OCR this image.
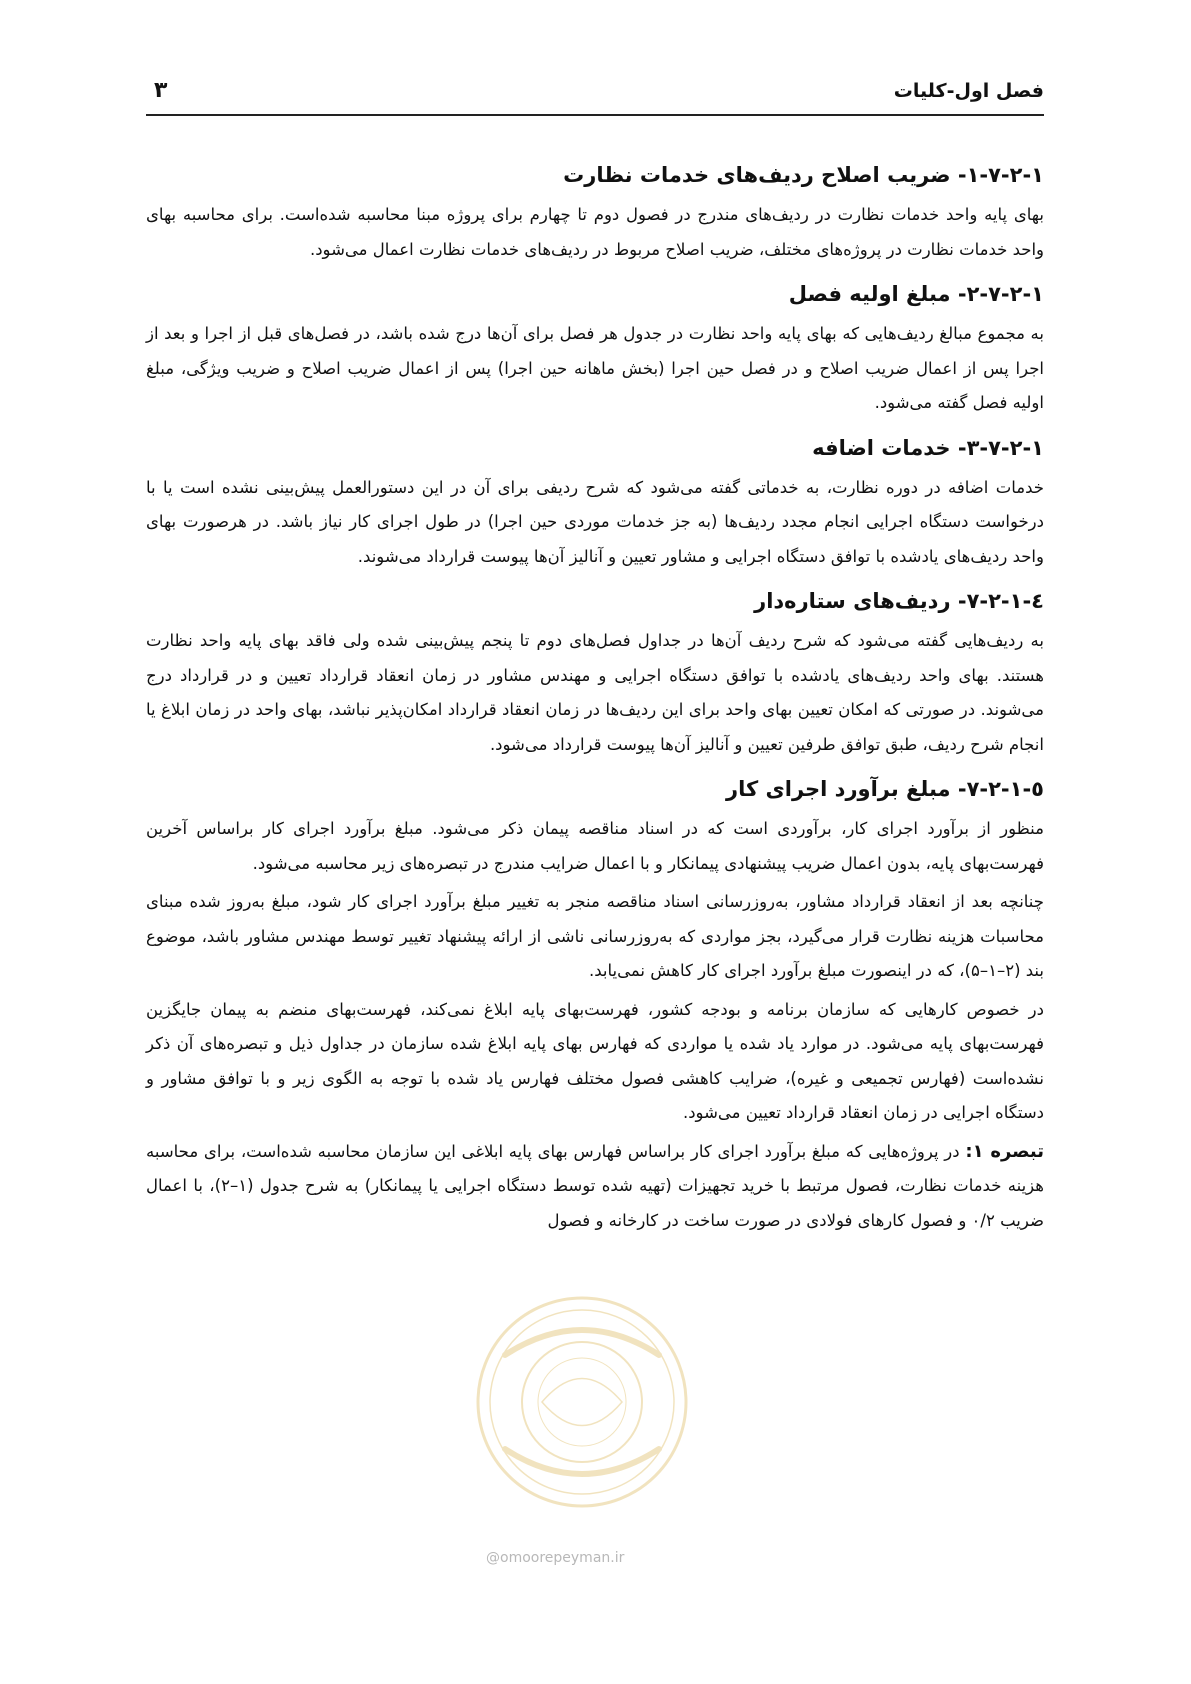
فصل اول-کلیات
۳
۱-۷-۲-۱- ضریب اصلاح ردیف‌های خدمات نظارت

بهای پایه واحد خدمات نظارت در ردیف‌های مندرج در فصول دوم تا چهارم برای پروژه مبنا محاسبه شده‌است. برای محاسبه بهای واحد خدمات نظارت در پروژه‌های مختلف، ضریب اصلاح مربوط در ردیف‌های خدمات نظارت اعمال می‌شود.

۲-۷-۲-۱- مبلغ اولیه فصل

به مجموع مبالغ ردیف‌هایی که بهای پایه واحد نظارت در جدول هر فصل برای آن‌ها درج شده باشد، در فصل‌های قبل از اجرا و بعد از اجرا پس از اعمال ضریب اصلاح و در فصل حین اجرا (بخش ماهانه حین اجرا) پس از اعمال ضریب اصلاح و ضریب ویژگی، مبلغ اولیه فصل گفته می‌شود.

۳-۷-۲-۱- خدمات اضافه

خدمات اضافه در دوره نظارت، به خدماتی گفته می‌شود که شرح ردیفی برای آن در این دستورالعمل پیش‌بینی نشده است یا با درخواست دستگاه اجرایی انجام مجدد ردیف‌ها (به جز خدمات موردی حین اجرا) در طول اجرای کار نیاز باشد. در هرصورت بهای واحد ردیف‌های یادشده با توافق دستگاه اجرایی و مشاور تعیین و آنالیز آن‌ها پیوست قرارداد می‌شوند.

٤-۷-۲-۱- ردیف‌های ستاره‌دار

به ردیف‌هایی گفته می‌شود که شرح ردیف آن‌ها در جداول فصل‌های دوم تا پنجم پیش‌بینی شده ولی فاقد بهای پایه واحد نظارت هستند. بهای واحد ردیف‌های یادشده با توافق دستگاه اجرایی و مهندس مشاور در زمان انعقاد قرارداد تعیین و در قرارداد درج می‌شوند. در صورتی که امکان تعیین بهای واحد برای این ردیف‌ها در زمان انعقاد قرارداد امکان‌پذیر نباشد، بهای واحد در زمان ابلاغ یا انجام شرح ردیف، طبق توافق طرفین تعیین و آنالیز آن‌ها پیوست قرارداد می‌شود.

٥-۷-۲-۱- مبلغ برآورد اجرای کار

منظور از برآورد اجرای کار، برآوردی است که در اسناد مناقصه پیمان ذکر می‌شود. مبلغ برآورد اجرای کار براساس آخرین فهرست‌بهای پایه، بدون اعمال ضریب پیشنهادی پیمانکار و با اعمال ضرایب مندرج در تبصره‌های زیر محاسبه می‌شود.

چنانچه بعد از انعقاد قرارداد مشاور، به‌روزرسانی اسناد مناقصه منجر به تغییر مبلغ برآورد اجرای کار شود، مبلغ به‌روز شده مبنای محاسبات هزینه نظارت قرار می‌گیرد، بجز مواردی که به‌روزرسانی ناشی از ارائه پیشنهاد تغییر توسط مهندس مشاور باشد، موضوع بند (۲–۱–۵)، که در اینصورت مبلغ برآورد اجرای کار کاهش نمی‌یابد.

در خصوص کارهایی که سازمان برنامه و بودجه کشور، فهرست‌بهای پایه ابلاغ نمی‌کند، فهرست‌بهای منضم به پیمان جایگزین فهرست‌بهای پایه می‌شود. در موارد یاد شده یا مواردی که فهارس بهای پایه ابلاغ شده سازمان در جداول ذیل و تبصره‌های آن ذکر نشده‌است (فهارس تجمیعی و غیره)، ضرایب کاهشی فصول مختلف فهارس یاد شده با توجه به الگوی زیر و با توافق مشاور و دستگاه اجرایی در زمان انعقاد قرارداد تعیین می‌شود.

تبصره ۱: در پروژه‌هایی که مبلغ برآورد اجرای کار براساس فهارس بهای پایه ابلاغی این سازمان محاسبه شده‌است، برای محاسبه هزینه خدمات نظارت، فصول مرتبط با خرید تجهیزات (تهیه شده توسط دستگاه اجرایی یا پیمانکار) به شرح جدول (۱–۲)، با اعمال ضریب ۰/۲ و فصول کارهای فولادی در صورت ساخت در کارخانه و فصول

@omoorepeyman.ir
